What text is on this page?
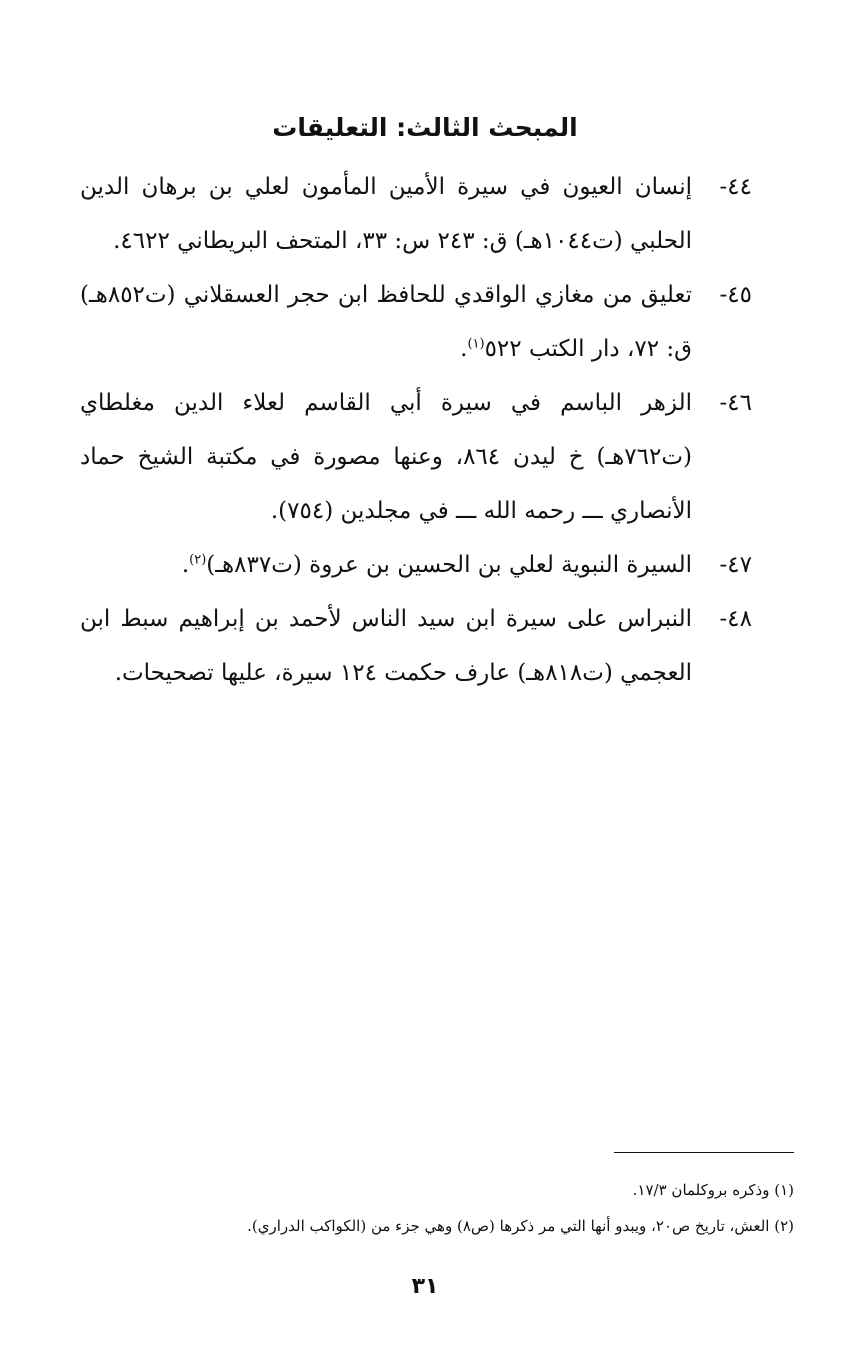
المبحث الثالث: التعليقات
٤٤-
إنسان العيون في سيرة الأمين المأمون لعلي بن برهان الدين الحلبي (ت١٠٤٤هـ) ق: ٢٤٣ س: ٣٣، المتحف البريطاني ٤٦٢٢.
٤٥-
تعليق من مغازي الواقدي للحافظ ابن حجر العسقلاني (ت٨٥٢هـ) ق: ٧٢، دار الكتب ٥٢٢$^{(١)}$.
٤٦-
الزهر الباسم في سيرة أبي القاسم لعلاء الدين مغلطاي (ت٧٦٢هـ) خ ليدن ٨٦٤، وعنها مصورة في مكتبة الشيخ حماد الأنصاري ـــ رحمه الله ـــ في مجلدين (٧٥٤).
٤٧-
السيرة النبوية لعلي بن الحسين بن عروة (ت٨٣٧هـ)$^{(٢)}$.
٤٨-
النبراس على سيرة ابن سيد الناس لأحمد بن إبراهيم سبط ابن العجمي (ت٨١٨هـ) عارف حكمت ١٢٤ سيرة، عليها تصحيحات.
(١) وذكره بروكلمان ١٧/٣.
(٢) العش، تاريخ ص٢٠، ويبدو أنها التي مر ذكرها (ص٨) وهي جزء من (الكواكب الدراري).
٣١
